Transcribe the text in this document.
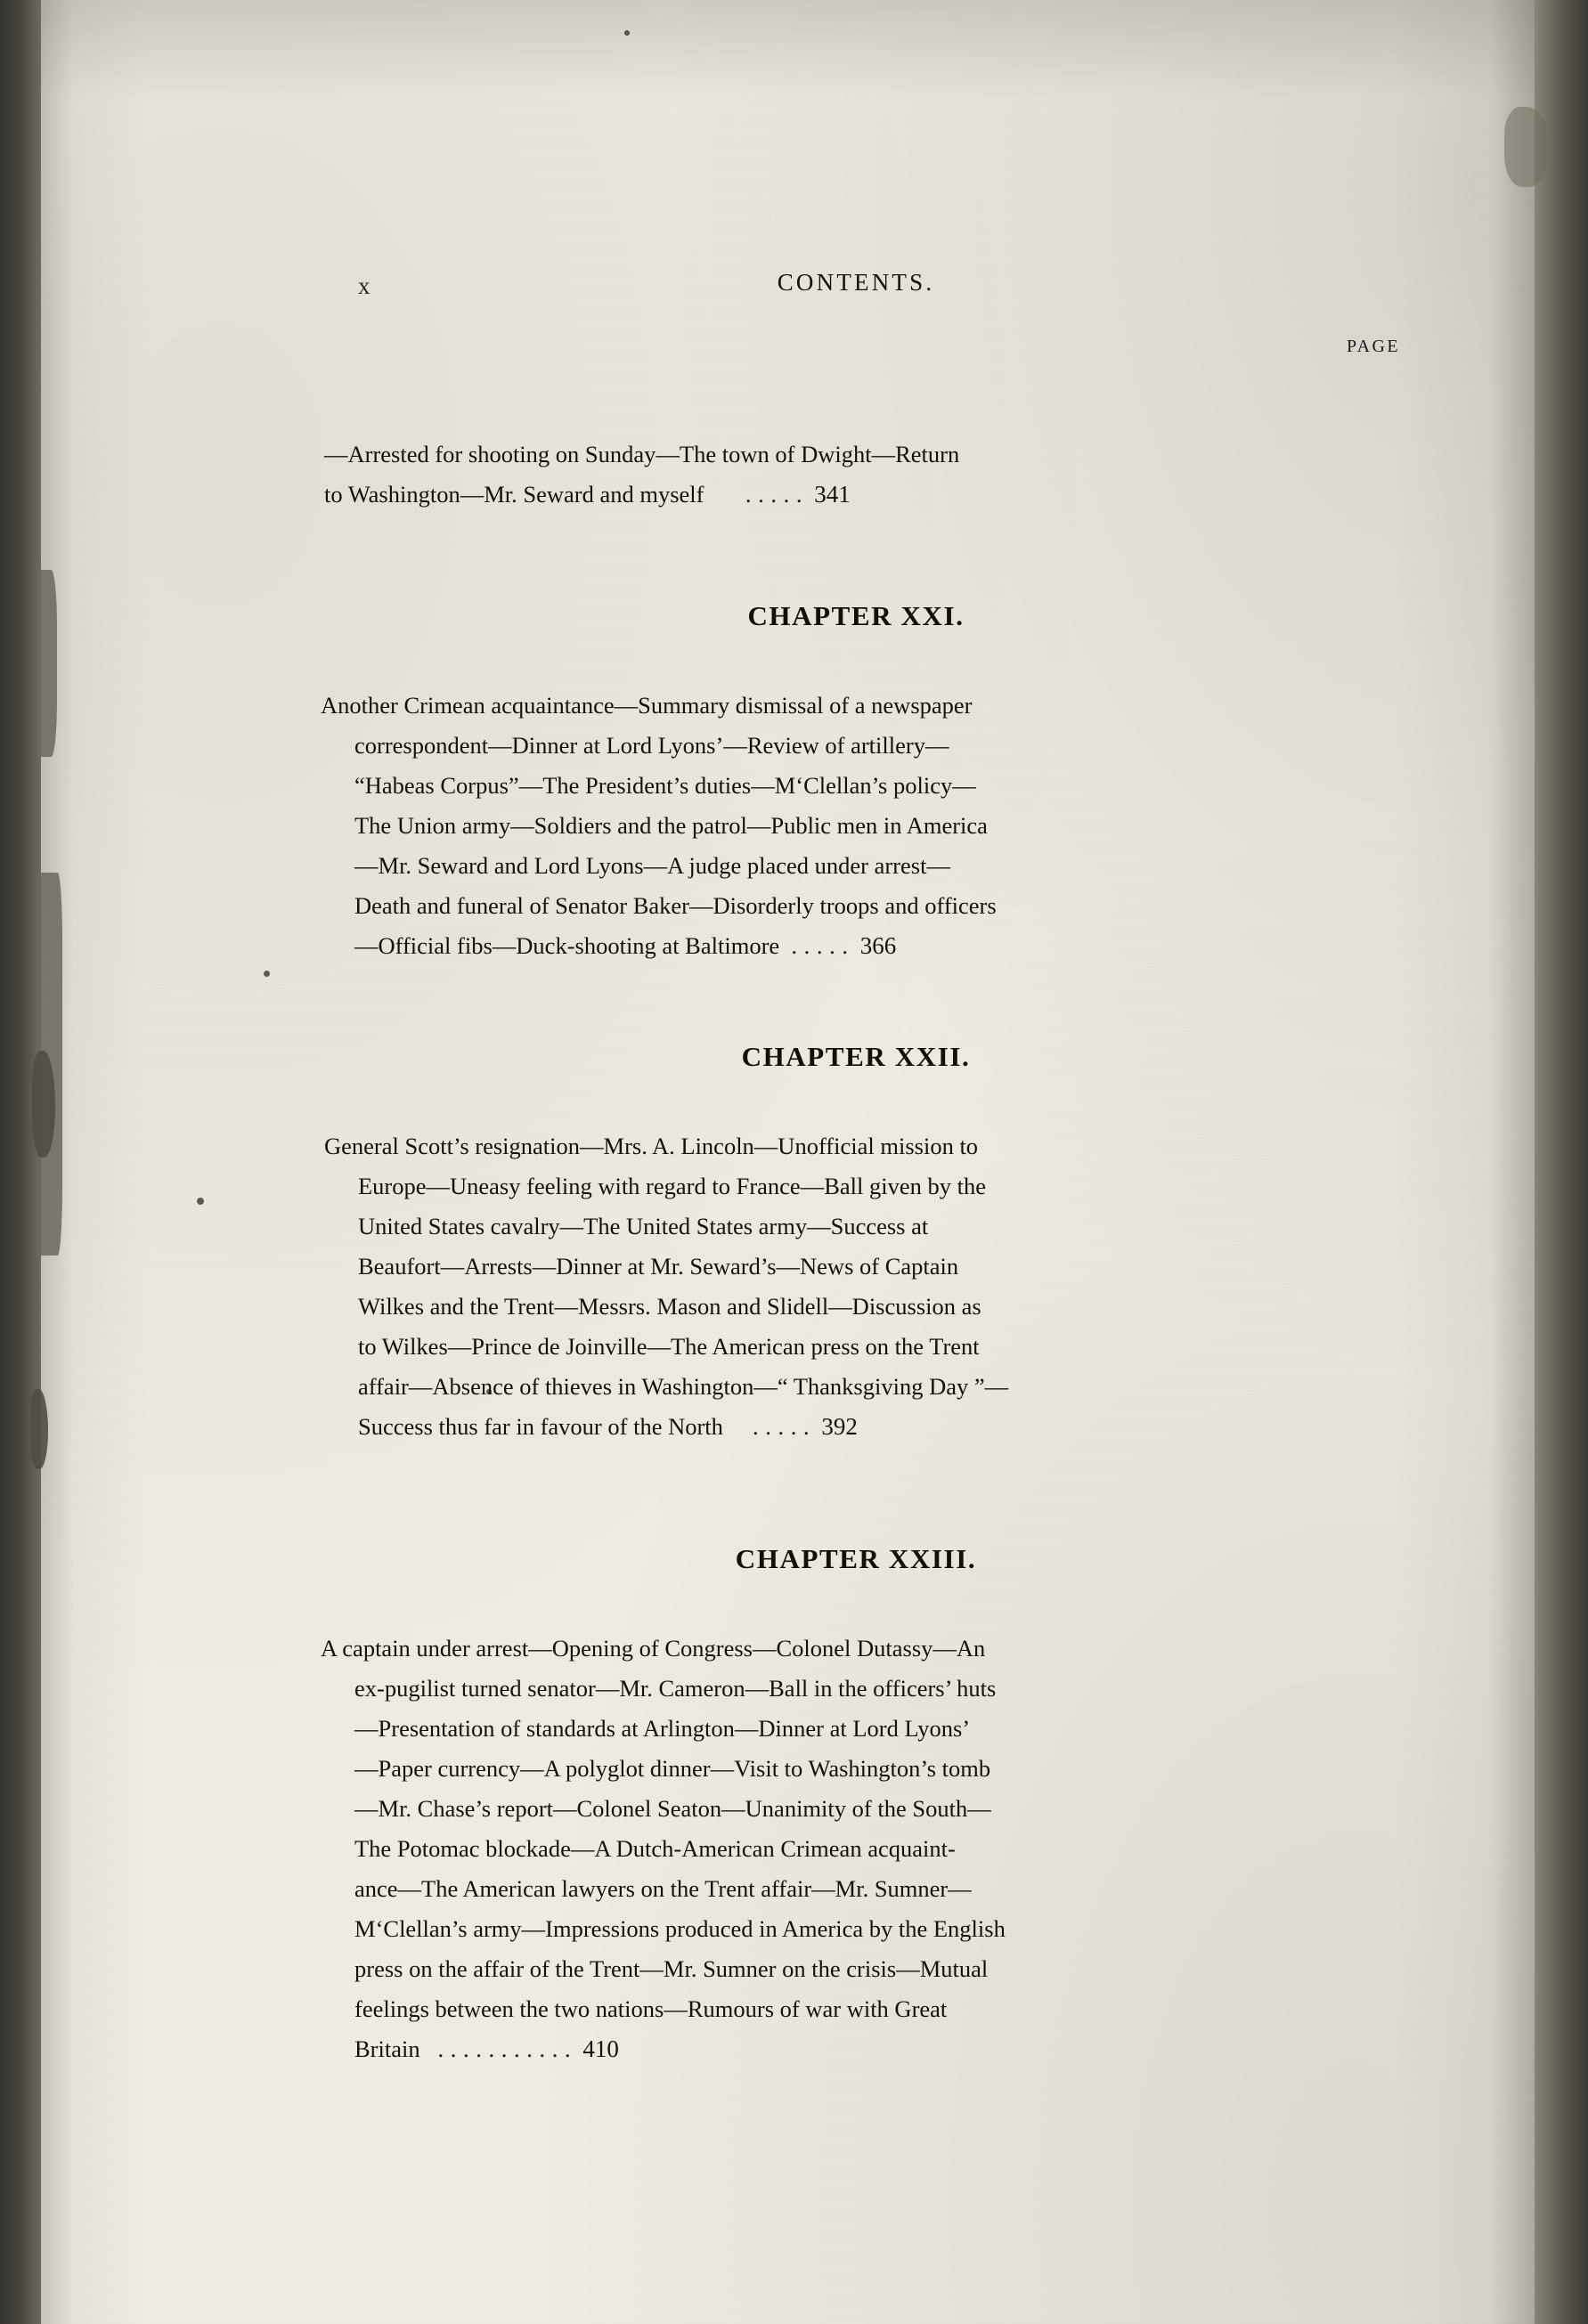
x	CONTENTS.
PAGE

—Arrested for shooting on Sunday—The town of Dwight—Return
to Washington—Mr. Seward and myself . . . . . 341

CHAPTER XXI.

Another Crimean acquaintance—Summary dismissal of a newspaper
correspondent—Dinner at Lord Lyons’—Review of artillery—
“Habeas Corpus”—The President’s duties—M‘Clellan’s policy—
The Union army—Soldiers and the patrol—Public men in America
—Mr. Seward and Lord Lyons—A judge placed under arrest—
Death and funeral of Senator Baker—Disorderly troops and officers
—Official fibs—Duck-shooting at Baltimore . . . . . 366

CHAPTER XXII.

General Scott’s resignation—Mrs. A. Lincoln—Unofficial mission to
Europe—Uneasy feeling with regard to France—Ball given by the
United States cavalry—The United States army—Success at
Beaufort—Arrests—Dinner at Mr. Seward’s—News of Captain
Wilkes and the Trent—Messrs. Mason and Slidell—Discussion as
to Wilkes—Prince de Joinville—The American press on the Trent
affair—Absence of thieves in Washington—“ Thanksgiving Day ”—
Success thus far in favour of the North . . . . . 392

CHAPTER XXIII.

A captain under arrest—Opening of Congress—Colonel Dutassy—An
ex-pugilist turned senator—Mr. Cameron—Ball in the officers’ huts
—Presentation of standards at Arlington—Dinner at Lord Lyons’
—Paper currency—A polyglot dinner—Visit to Washington’s tomb
—Mr. Chase’s report—Colonel Seaton—Unanimity of the South—
The Potomac blockade—A Dutch-American Crimean acquaint-
ance—The American lawyers on the Trent affair—Mr. Sumner—
M‘Clellan’s army—Impressions produced in America by the English
press on the affair of the Trent—Mr. Sumner on the crisis—Mutual
feelings between the two nations—Rumours of war with Great
Britain . . . . . . . . . . . 410
